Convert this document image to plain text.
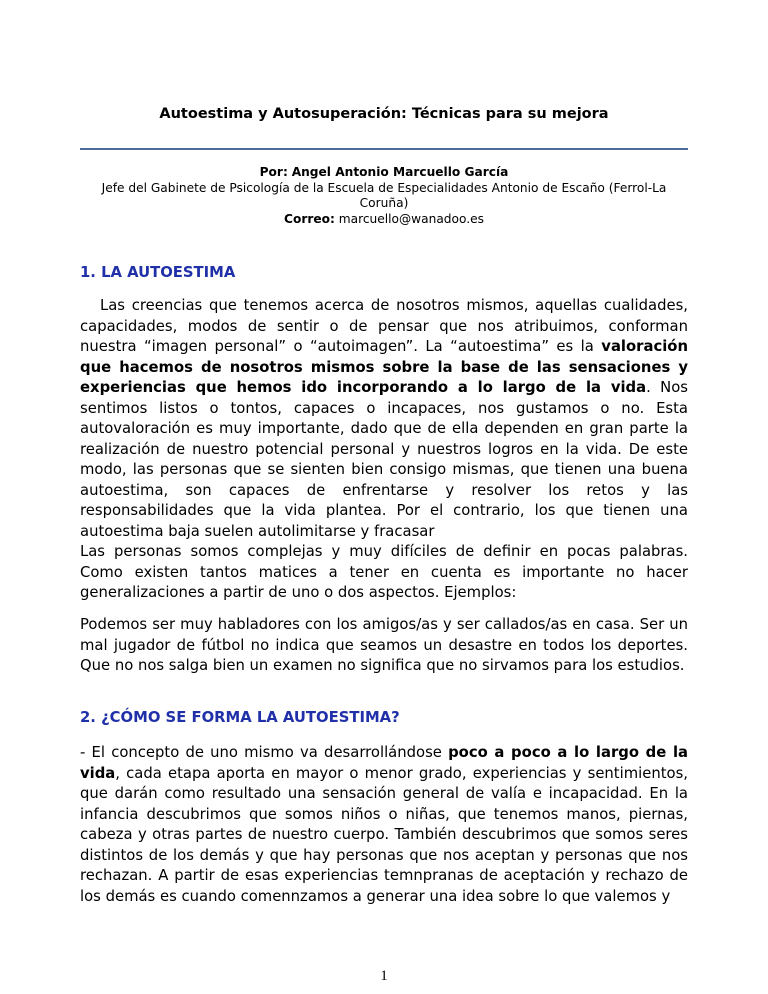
Autoestima y Autosuperación: Técnicas para su mejora
Por: Angel Antonio Marcuello García
Jefe del Gabinete de Psicología de la Escuela de Especialidades Antonio de Escaño (Ferrol-La Coruña)
Correo: marcuello@wanadoo.es
1. LA AUTOESTIMA
Las creencias que tenemos acerca de nosotros mismos, aquellas cualidades, capacidades, modos de sentir o de pensar que nos atribuimos, conforman nuestra “imagen personal” o “autoimagen”. La “autoestima” es la valoración que hacemos de nosotros mismos sobre la base de las sensaciones y experiencias que hemos ido incorporando a lo largo de la vida. Nos sentimos listos o tontos, capaces o incapaces, nos gustamos o no. Esta autovaloración es muy importante, dado que de ella dependen en gran parte la realización de nuestro potencial personal y nuestros logros en la vida. De este modo, las personas que se sienten bien consigo mismas, que tienen una buena autoestima, son capaces de enfrentarse y resolver los retos y las responsabilidades que la vida plantea. Por el contrario, los que tienen una autoestima baja suelen autolimitarse y fracasar
Las personas somos complejas y muy difíciles de definir en pocas palabras. Como existen tantos matices a tener en cuenta es importante no hacer generalizaciones a partir de uno o dos aspectos. Ejemplos:
Podemos ser muy habladores con los amigos/as y ser callados/as en casa. Ser un mal jugador de fútbol no indica que seamos un desastre en todos los deportes. Que no nos salga bien un examen no significa que no sirvamos para los estudios.
2. ¿CÓMO SE FORMA LA AUTOESTIMA?
- El concepto de uno mismo va desarrollándose poco a poco a lo largo de la vida, cada etapa aporta en mayor o menor grado, experiencias y sentimientos, que darán como resultado una sensación general de valía e incapacidad. En la infancia descubrimos que somos niños o niñas, que tenemos manos, piernas, cabeza y otras partes de nuestro cuerpo. También descubrimos que somos seres distintos de los demás y que hay personas que nos aceptan y personas que nos rechazan. A partir de esas experiencias temnpranas de aceptación y rechazo de los demás es cuando comennzamos a generar una idea sobre lo que valemos y
1
